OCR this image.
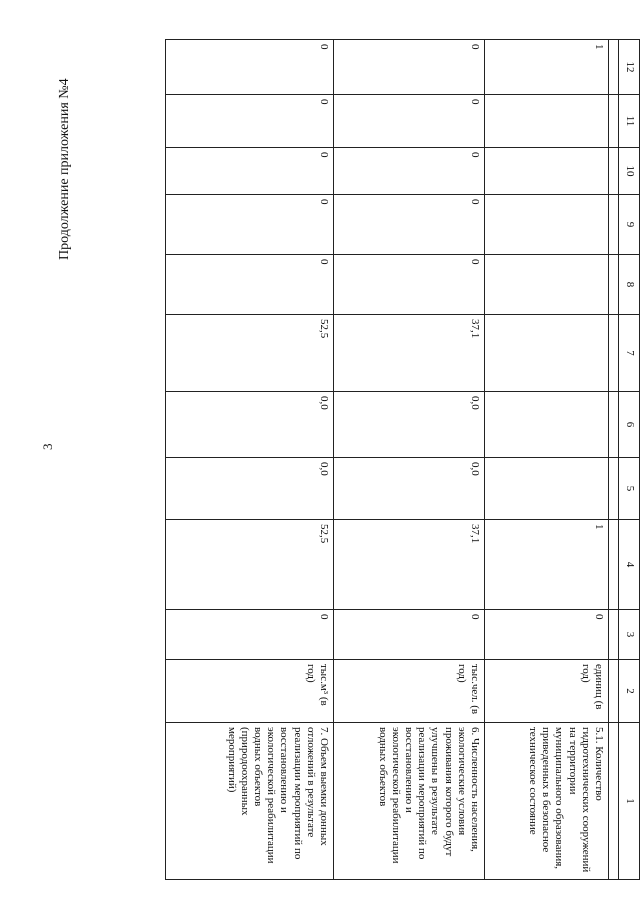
3
Продолжение приложения №4
1	2	3	4	5	6	7	8	9	10	11	12

5.1. Количество гидротехнических сооружений на территории муниципального образования, приведенных в безопасное техническое состояние	единиц (в год)	0	1								1
6. Численность населения, экологические условия проживания которого будут улучшены в результате реализации мероприятий по восстановлению и экологической реабилитации водных объектов	тыс.чел. (в год)	0	37,1	0,0	0,0	37,1	0	0	0	0	0
7. Объем выемки донных отложений в результате реализации мероприятий по восстановлению и экологической реабилитации водных объектов (природоохранных мероприятий)	тыс.м³ (в год)	0	52,5	0,0	0,0	52,5	0	0	0	0	0
